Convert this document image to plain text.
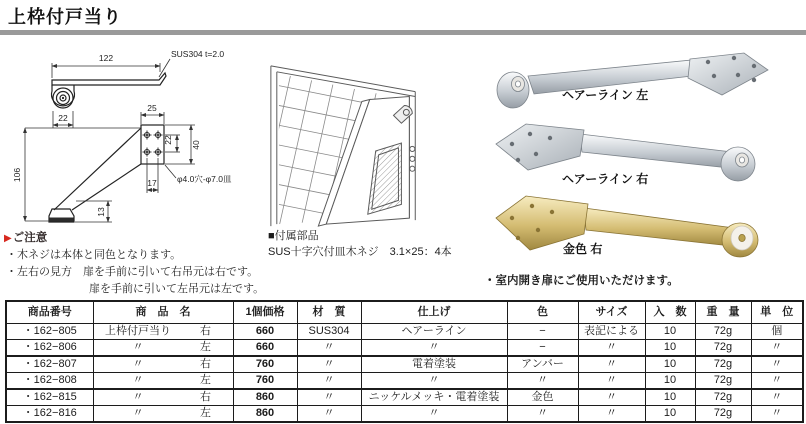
上枠付戸当り
122	SUS304 t=2.0
22
25
22
40
106
17 φ4.0穴-φ7.0皿
13
▶ご注意
・木ネジは本体と同色となります。
・左右の見方　扉を手前に引いて右吊元は右です。
扉を手前に引いて左吊元は左です。
■付属部品
SUS十字穴付皿木ネジ　3.1×25：4本
ヘアーライン 左
ヘアーライン 右
金色 右
・室内開き扉にご使用いただけます。
商品番号	商　品　名	1個価格	材　質	仕上げ	色	サイズ	入　数	重　量	単　位
・162−805	上枠付戸当り 右	660	SUS304	ヘアーライン	−	表記による	10	72g	個
・162−806	〃 左	660	〃	〃	−	〃	10	72g	〃
・162−807	〃 右	760	〃	電着塗装	アンバー	〃	10	72g	〃
・162−808	〃 左	760	〃	〃	〃	〃	10	72g	〃
・162−815	〃 右	860	〃	ニッケルメッキ・電着塗装	金色	〃	10	72g	〃
・162−816	〃 左	860	〃	〃	〃	〃	10	72g	〃
